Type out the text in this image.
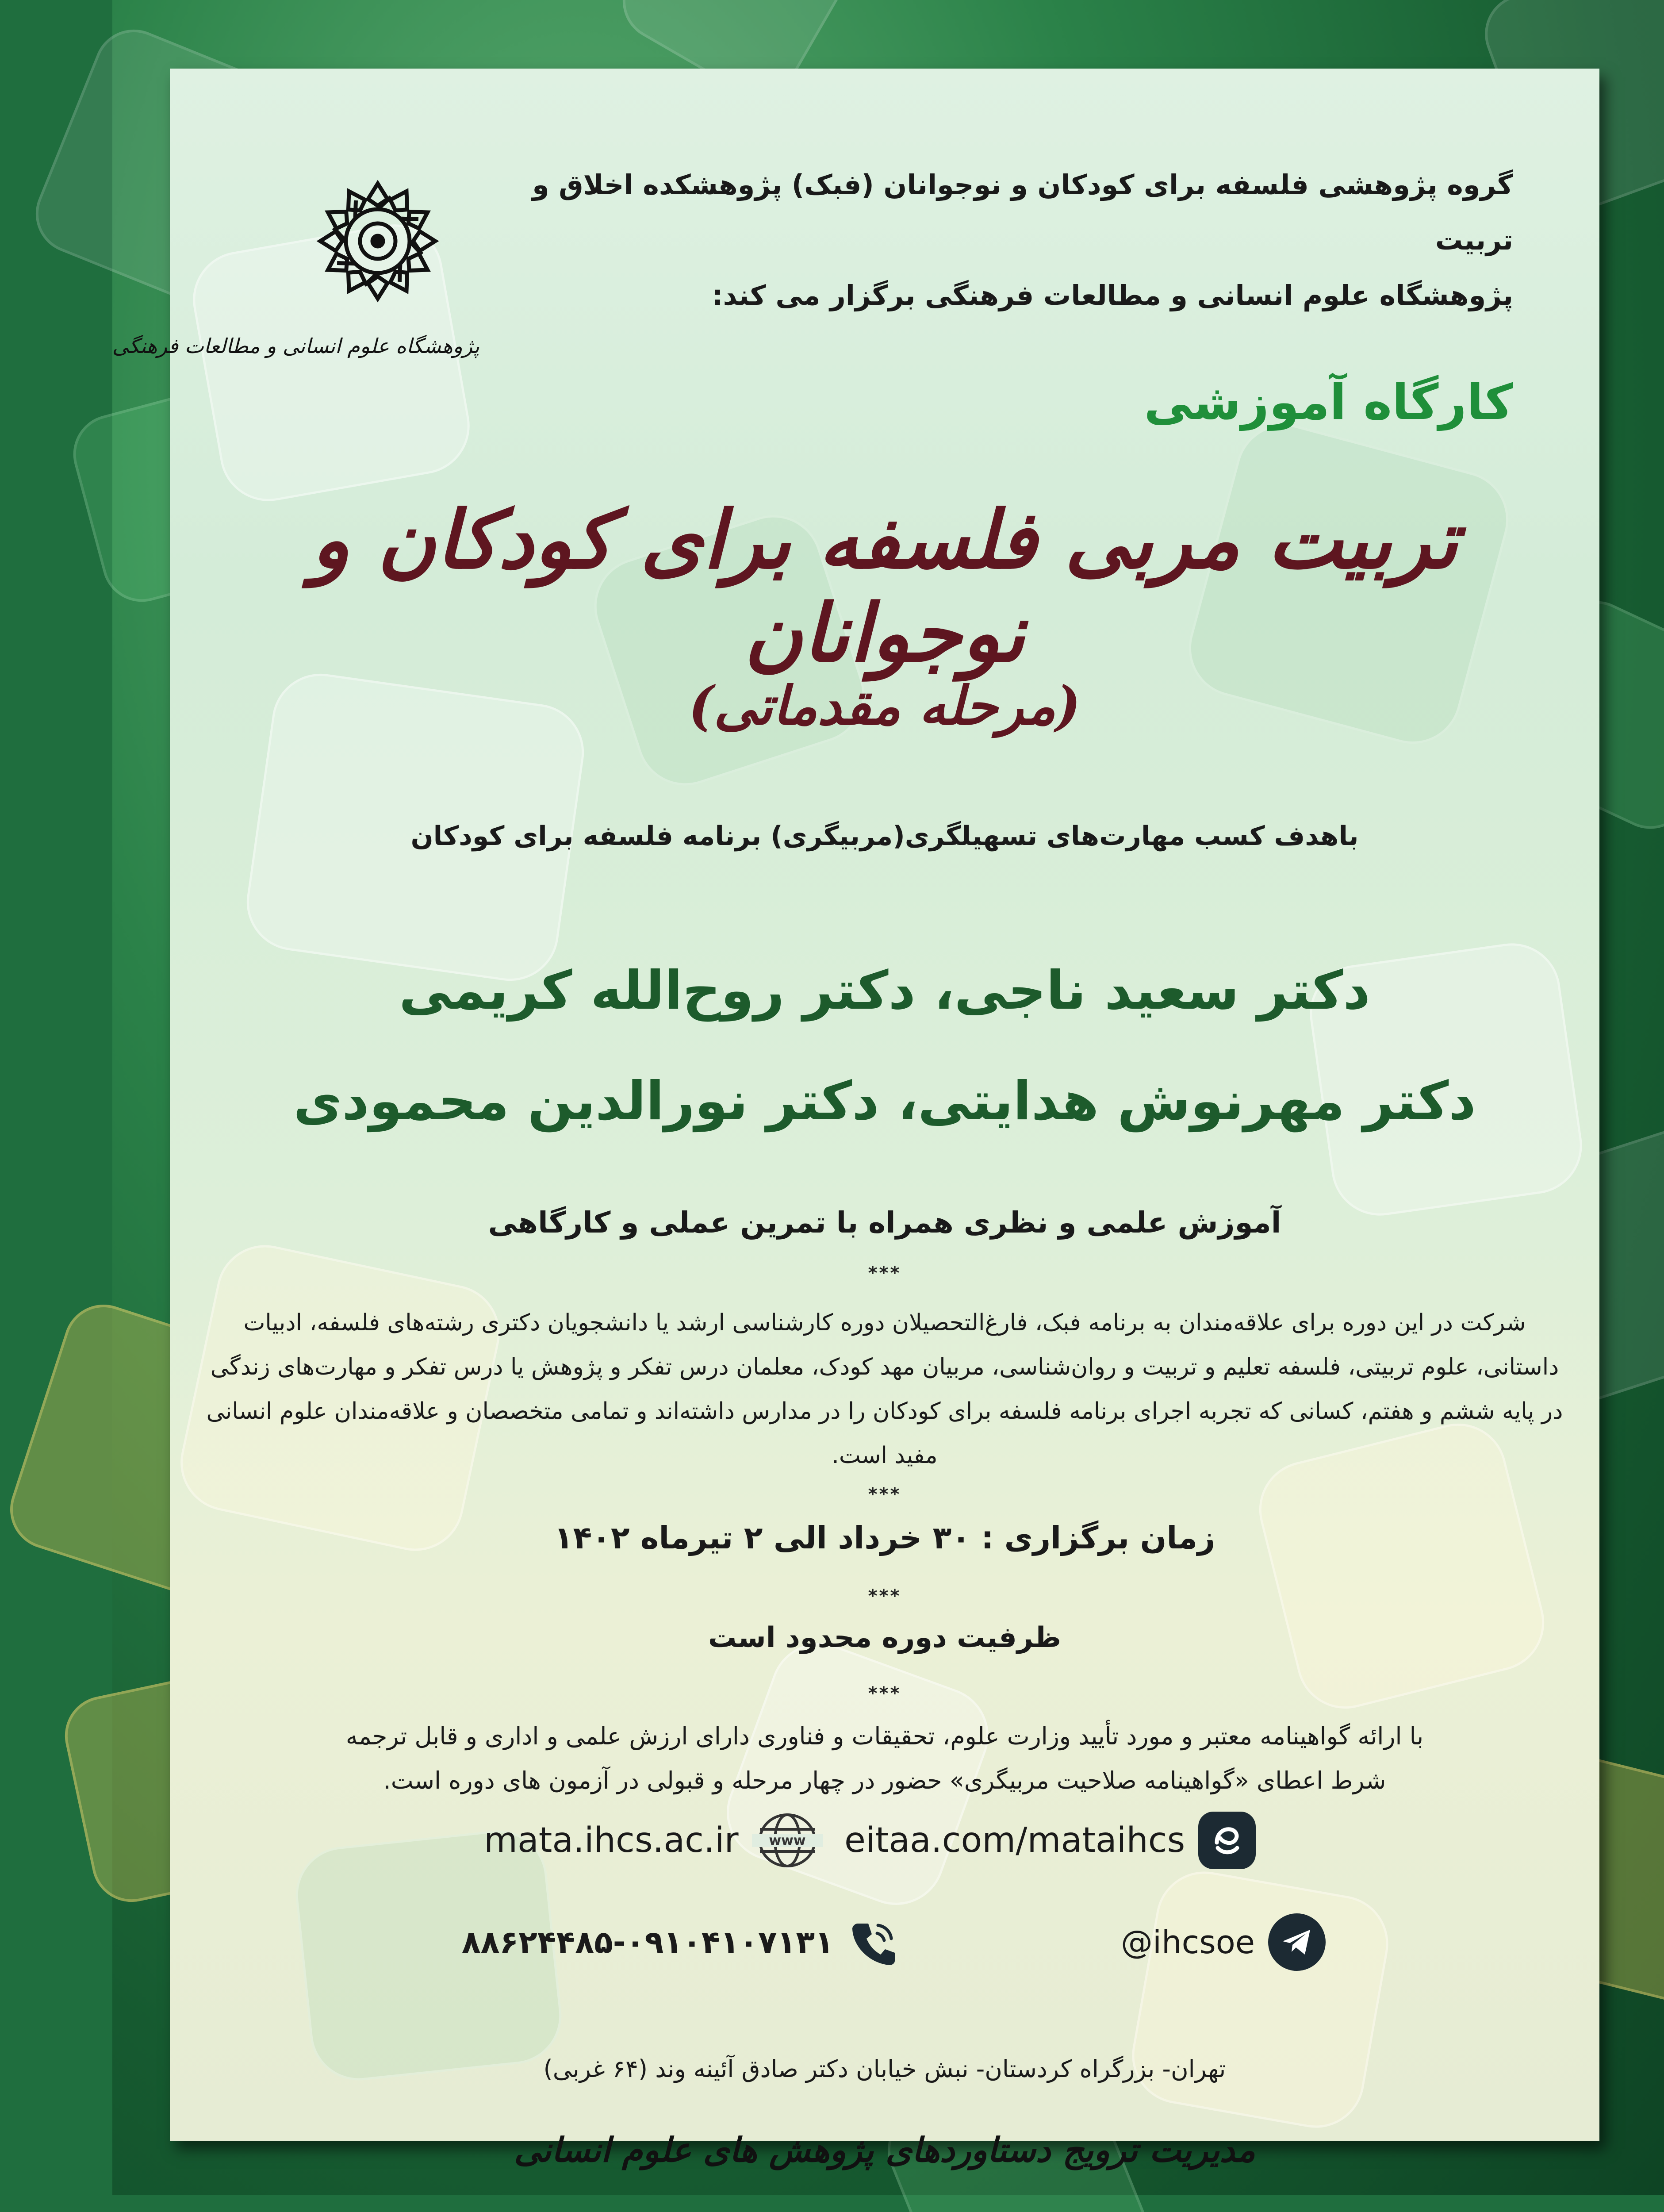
پژوهشگاه علوم انسانی و مطالعات فرهنگی

گروه پژوهشی فلسفه برای کودکان و نوجوانان (فبک) پژوهشکده اخلاق و تربیت

پژوهشگاه علوم انسانی و مطالعات فرهنگی برگزار می کند:

کارگاه آموزشی
تربیت مربی فلسفه برای کودکان و نوجوانان
(مرحله مقدماتی)
باهدف کسب مهارت‌های تسهیلگری(مربیگری) برنامه فلسفه برای کودکان
دکتر سعید ناجی، دکتر روح‌الله کریمی
دکتر مهرنوش هدایتی، دکتر نورالدین محمودی
آموزش علمی و نظری همراه با تمرین عملی و کارگاهی
***
شرکت در این دوره برای علاقه‌مندان به برنامه فبک، فارغ‌التحصیلان دوره کارشناسی ارشد یا دانشجویان دکتری رشته‌های فلسفه، ادبیات داستانی، علوم تربیتی، فلسفه تعلیم و تربیت و روان‌شناسی، مربیان مهد کودک، معلمان درس تفکر و پژوهش یا درس تفکر و مهارت‌های زندگی در پایه ششم و هفتم، کسانی که تجربه اجرای برنامه فلسفه برای کودکان را در مدارس داشته‌اند و تمامی متخصصان و علاقه‌مندان علوم انسانی مفید است.
***
زمان برگزاری : ۳۰ خرداد الی ۲ تیرماه ۱۴۰۲
***
ظرفیت دوره محدود است
***
با ارائه گواهینامه معتبر و مورد تأیید وزارت علوم، تحقیقات و فناوری دارای ارزش علمی و اداری و قابل ترجمه
شرط اعطای «گواهینامه صلاحیت مربیگری» حضور در چهار مرحله و قبولی در آزمون های دوره است.
mata.ihcs.ac.ir www eitaa.com/mataihcs
۸۸۶۲۴۴۸۵-۰۹۱۰۴۱۰۷۱۳۱	@ihcsoe
تهران- بزرگراه کردستان- نبش خیابان دکتر صادق آئینه وند (۶۴ غربی)
مدیریت ترویج دستاوردهای پژوهش های علوم انسانی
